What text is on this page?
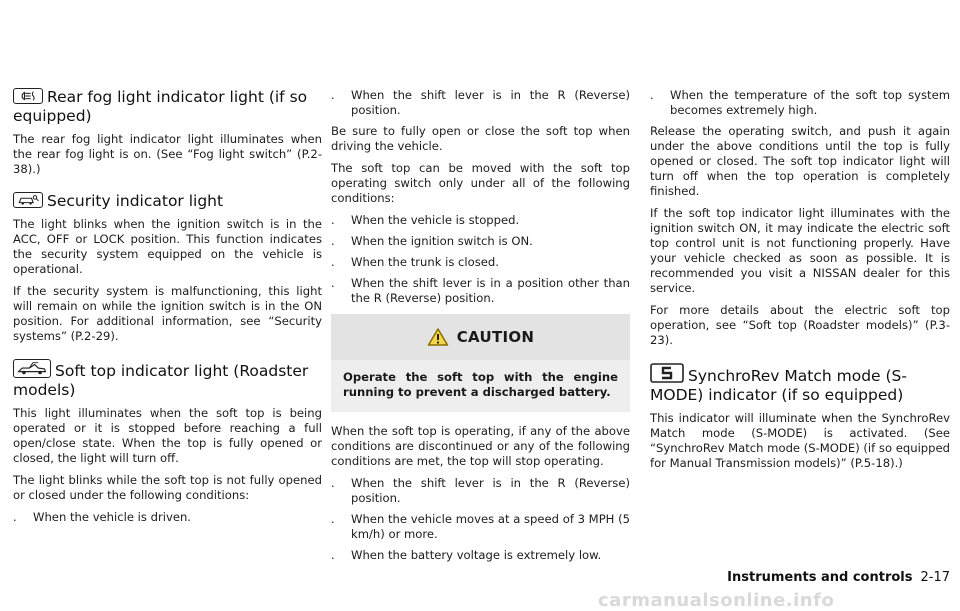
Rear fog light indicator light (if so equipped)

The rear fog light indicator light illuminates when the rear fog light is on. (See “Fog light switch” (P.2-38).)

Security indicator light

The light blinks when the ignition switch is in the ACC, OFF or LOCK position. This function indicates the security system equipped on the vehicle is operational.

If the security system is malfunctioning, this light will remain on while the ignition switch is in the ON position. For additional information, see “Security systems” (P.2-29).

Soft top indicator light (Roadster models)

This light illuminates when the soft top is being operated or it is stopped before reaching a full open/close state. When the top is fully opened or closed, the light will turn off.

The light blinks while the soft top is not fully opened or closed under the following conditions:

. When the vehicle is driven.
. When the shift lever is in the R (Reverse) position.

Be sure to fully open or close the soft top when driving the vehicle.

The soft top can be moved with the soft top operating switch only under all of the following conditions:

. When the vehicle is stopped.
. When the ignition switch is ON.
. When the trunk is closed.
. When the shift lever is in a position other than the R (Reverse) position.
CAUTION
Operate the soft top with the engine running to prevent a discharged battery.

When the soft top is operating, if any of the above conditions are discontinued or any of the following conditions are met, the top will stop operating.

. When the shift lever is in the R (Reverse) position.
. When the vehicle moves at a speed of 3 MPH (5 km/h) or more.
. When the battery voltage is extremely low.
. When the temperature of the soft top system becomes extremely high.

Release the operating switch, and push it again under the above conditions until the top is fully opened or closed. The soft top indicator light will turn off when the top operation is completely finished.

If the soft top indicator light illuminates with the ignition switch ON, it may indicate the electric soft top control unit is not functioning properly. Have your vehicle checked as soon as possible. It is recommended you visit a NISSAN dealer for this service.

For more details about the electric soft top operation, see “Soft top (Roadster models)” (P.3-23).

SynchroRev Match mode (S-MODE) indicator (if so equipped)

This indicator will illuminate when the SynchroRev Match mode (S-MODE) is activated. (See “SynchroRev Match mode (S-MODE) (if so equipped for Manual Transmission models)” (P.5-18).)

Instruments and controls 2-17
carmanualsonline.info
